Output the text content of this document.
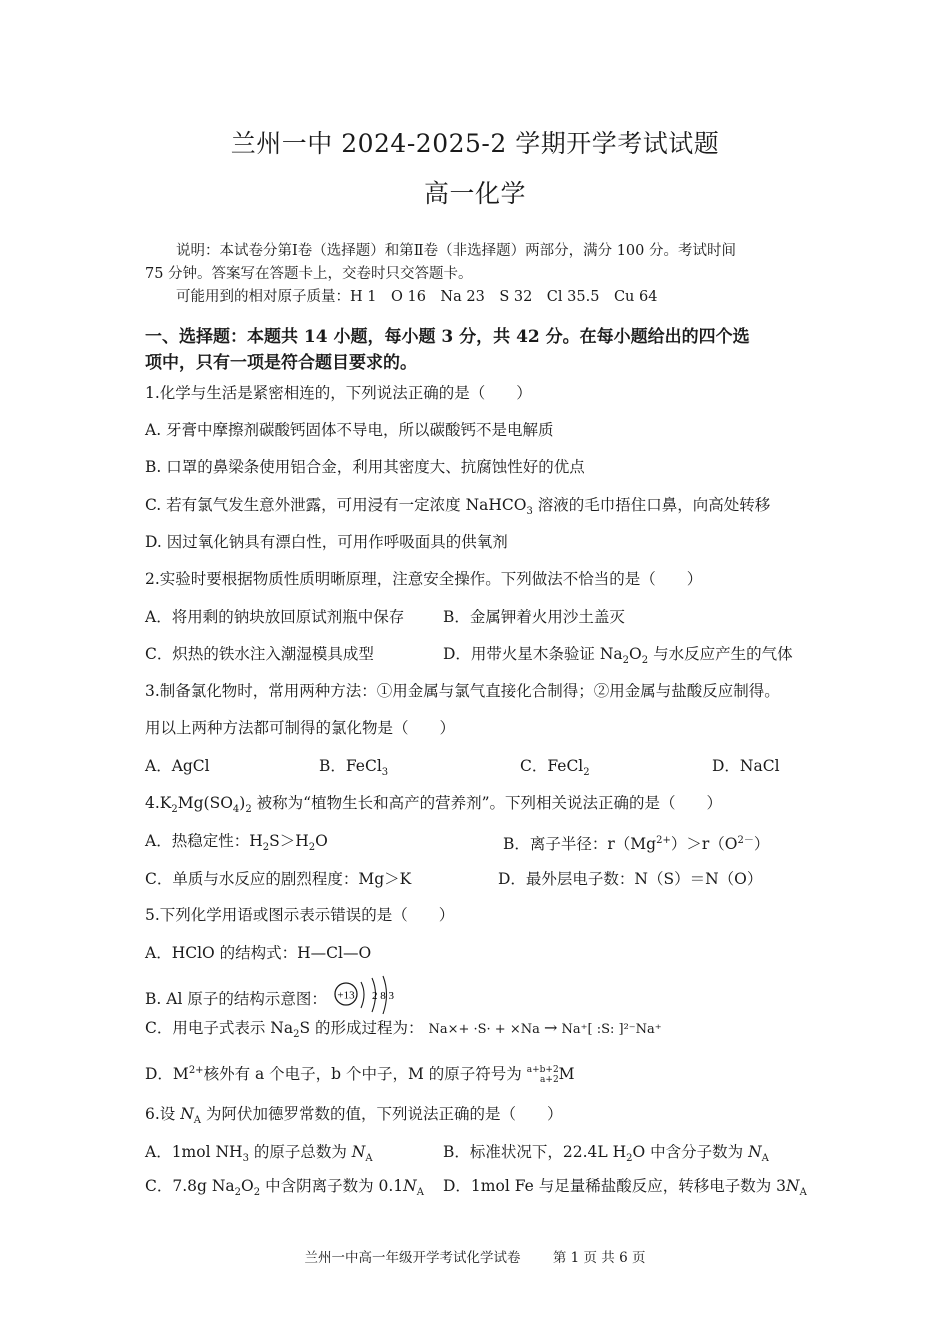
兰州一中 2024-2025-2 学期开学考试试题
高一化学
说明：本试卷分第Ⅰ卷（选择题）和第Ⅱ卷（非选择题）两部分，满分 100 分。考试时间
75 分钟。答案写在答题卡上，交卷时只交答题卡。
可能用到的相对原子质量：H 1　O 16　Na 23　S 32　Cl 35.5　Cu 64
一、选择题：本题共 14 小题，每小题 3 分，共 42 分。在每小题给出的四个选
项中，只有一项是符合题目要求的。
1.化学与生活是紧密相连的，下列说法正确的是（　　）
A. 牙膏中摩擦剂碳酸钙固体不导电，所以碳酸钙不是电解质
B. 口罩的鼻梁条使用铝合金，利用其密度大、抗腐蚀性好的优点
C. 若有氯气发生意外泄露，可用浸有一定浓度 NaHCO$_3$ 溶液的毛巾捂住口鼻，向高处转移
D. 因过氧化钠具有漂白性，可用作呼吸面具的供氧剂
2.实验时要根据物质性质明晰原理，注意安全操作。下列做法不恰当的是（　　）
A．将用剩的钠块放回原试剂瓶中保存	B．金属钾着火用沙土盖灭
C．炽热的铁水注入潮湿模具成型	D．用带火星木条验证 $Na_2O_2$ 与水反应产生的气体
3.制备氯化物时，常用两种方法：①用金属与氯气直接化合制得；②用金属与盐酸反应制得。
用以上两种方法都可制得的氯化物是（　　）
A．AgCl	B．FeCl$_3$	C．FeCl$_2$	D．NaCl
$4.K_2Mg(SO_4)_2$ 被称为“植物生长和高产的营养剂”。下列相关说法正确的是（　　）
A．热稳定性：$H_2S>H_2O$	B．离子半径：$r(Mg^{2+})>r(O^{2-})$
C．单质与水反应的剧烈程度：Mg＞K	D．最外层电子数：N（S）＝N（O）
5.下列化学用语或图示表示错误的是（　　）
A．HClO 的结构式：H—Cl—O
B. Al 原子的结构示意图： +13 2 8 3
C．用电子式表示 $Na_2S$ 的形成过程为： Na×+ ·S· + ×Na → Na⁺[ :S: ]²⁻Na⁺
D．$M^{2+}$核外有 a 个电子，b 个中子，M 的原子符号为 a+b+2
a+2 M
6.设 $N_A$ 为阿伏加德罗常数的值，下列说法正确的是（　　）
A．1mol $NH_3$ 的原子总数为 $N_A$	B．标准状况下，22.4L $H_2O$ 中含分子数为 $N_A$
C．7.8g $Na_2O_2$ 中含阴离子数为 $0.1N_A$ D．1mol Fe 与足量稀盐酸反应，转移电子数为 $3N_A$
兰州一中高一年级开学考试化学试卷 第 1 页 共 6 页
